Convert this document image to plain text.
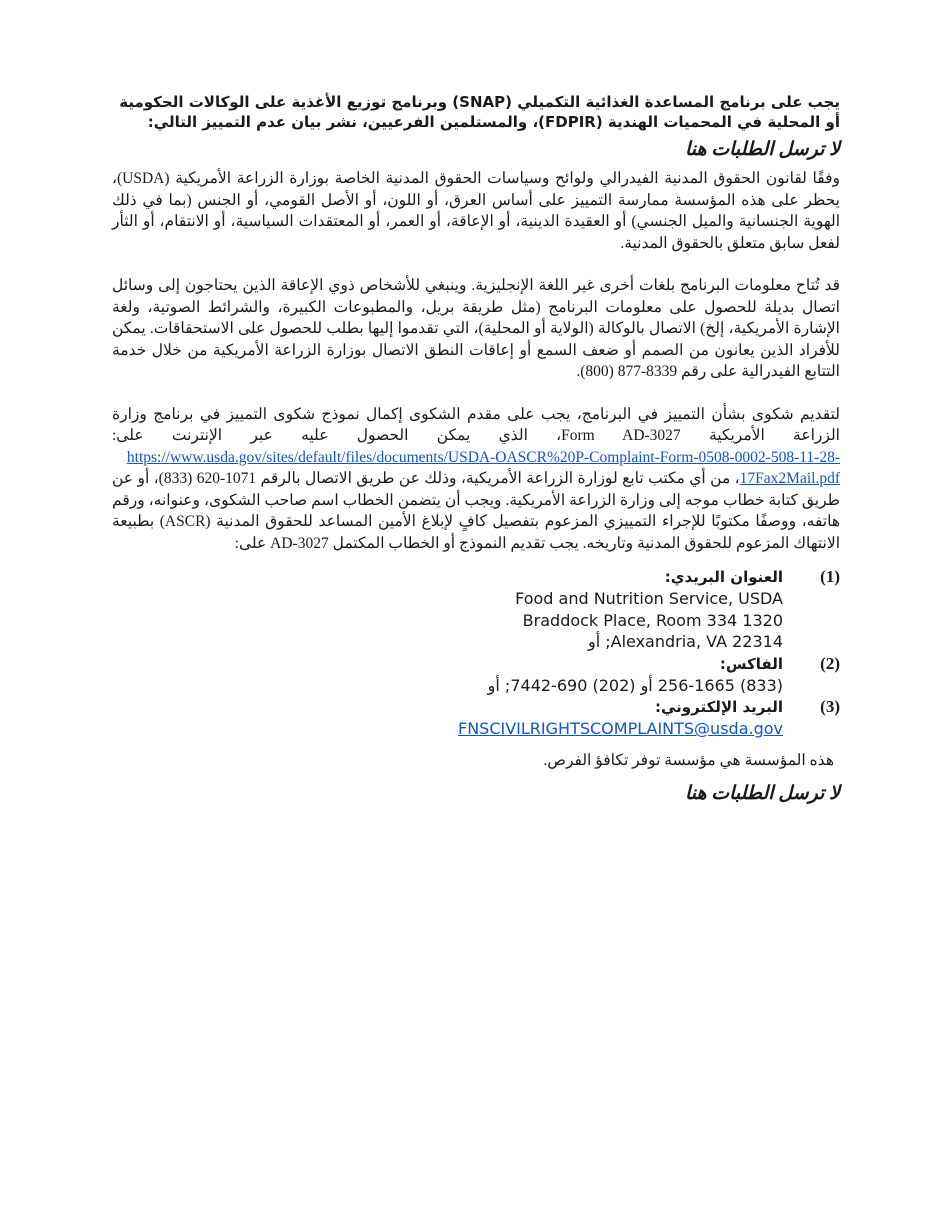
يجب على برنامج المساعدة الغذائية التكميلي (SNAP) وبرنامج توزيع الأغذية على الوكالات الحكومية أو المحلية في المحميات الهندية (FDPIR)، والمستلمين الفرعيين، نشر بيان عدم التمييز التالي:

لا ترسل الطلبات هنا

وفقًا لقانون الحقوق المدنية الفيدرالي ولوائح وسياسات الحقوق المدنية الخاصة بوزارة الزراعة الأمريكية (USDA)، يحظر على هذه المؤسسة ممارسة التمييز على أساس العرق، أو اللون، أو الأصل القومي، أو الجنس (بما في ذلك الهوية الجنسانية والميل الجنسي) أو العقيدة الدينية، أو الإعاقة، أو العمر، أو المعتقدات السياسية، أو الانتقام، أو الثأر لفعل سابق متعلق بالحقوق المدنية.

قد تُتاح معلومات البرنامج بلغات أخرى غير اللغة الإنجليزية. وينبغي للأشخاص ذوي الإعاقة الذين يحتاجون إلى وسائل اتصال بديلة للحصول على معلومات البرنامج (مثل طريقة بريل، والمطبوعات الكبيرة، والشرائط الصوتية، ولغة الإشارة الأمريكية، إلخ) الاتصال بالوكالة (الولاية أو المحلية)، التي تقدموا إليها بطلب للحصول على الاستحقاقات. يمكن للأفراد الذين يعانون من الصمم أو ضعف السمع أو إعاقات النطق الاتصال بوزارة الزراعة الأمريكية من خلال خدمة التتابع الفيدرالية على رقم 8339-877 (800).

لتقديم شكوى بشأن التمييز في البرنامج، يجب على مقدم الشكوى إكمال نموذج شكوى التمييز في برنامج وزارة الزراعة الأمريكية Form AD-3027، الذي يمكن الحصول عليه عبر الإنترنت على: https://www.usda.gov/sites/default/files/documents/USDA-OASCR%20P-Complaint-Form-0508-0002-508-11-28-17Fax2Mail.pdf، من أي مكتب تابع لوزارة الزراعة الأمريكية، وذلك عن طريق الاتصال بالرقم 1071-620 (833)، أو عن طريق كتابة خطاب موجه إلى وزارة الزراعة الأمريكية. ويجب أن يتضمن الخطاب اسم صاحب الشكوى، وعنوانه، ورقم هاتفه، ووصفًا مكتوبًا للإجراء التمييزي المزعوم بتفصيل كافٍ لإبلاغ الأمين المساعد للحقوق المدنية (ASCR) بطبيعة الانتهاك المزعوم للحقوق المدنية وتاريخه. يجب تقديم النموذج أو الخطاب المكتمل AD-3027 على:

(1)
العنوان البريدي:
Food and Nutrition Service, USDA
1320 Braddock Place, Room 334
Alexandria, VA 22314; أو
(2)
الفاكس:
(833) 256-1665 أو (202) 690-7442; أو
(3)
البريد الإلكتروني:
FNSCIVILRIGHTSCOMPLAINTS@usda.gov

هذه المؤسسة هي مؤسسة توفر تكافؤ الفرص.

لا ترسل الطلبات هنا
